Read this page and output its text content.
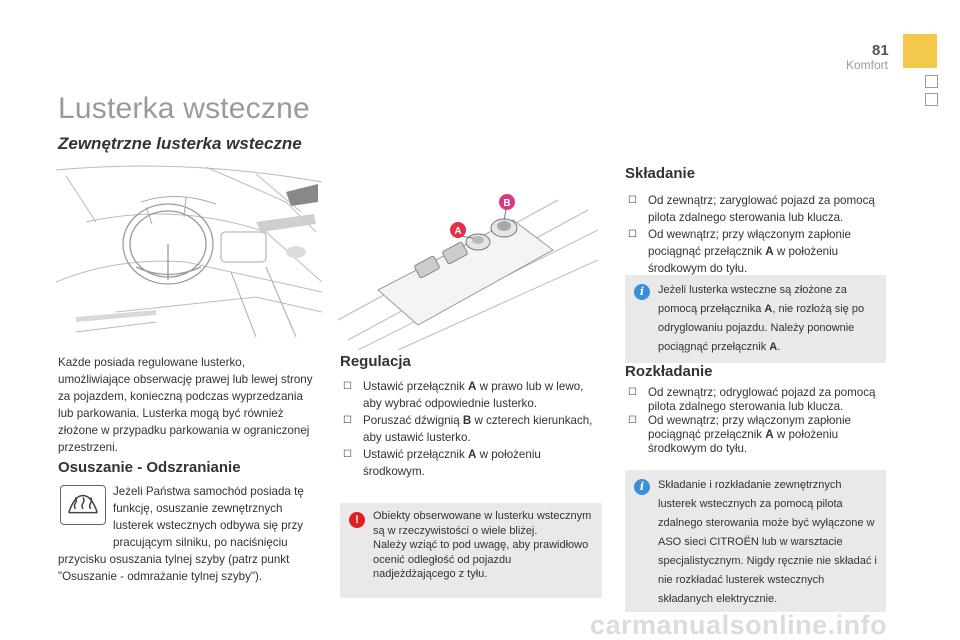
81
Komfort
Lusterka wsteczne
Zewnętrzne lusterka wsteczne
A
B

Każde posiada regulowane lusterko, umożliwiające obserwację prawej lub lewej strony za pojazdem, konieczną podczas wyprzedzania lub parkowania. Lusterka mogą być również złożone w przypadku parkowania w ograniczonej przestrzeni.

Osuszanie - Odszranianie

Jeżeli Państwa samochód posiada tę funkcję, osuszanie zewnętrznych lusterek wstecznych odbywa się przy pracującym silniku, po naciśnięciu
przycisku osuszania tylnej szyby (patrz punkt "Osuszanie - odmrażanie tylnej szyby").

Regulacja
☐ Ustawić przełącznik A w prawo lub w lewo, aby wybrać odpowiednie lusterko.
☐ Poruszać dźwignią B w czterech kierunkach, aby ustawić lusterko.
☐ Ustawić przełącznik A w położeniu środkowym.
!	Obiekty obserwowane w lusterku wstecznym są w rzeczywistości o wiele bliżej.
Należy wziąć to pod uwagę, aby prawidłowo ocenić odległość od pojazdu nadjeżdżającego z tyłu.
Składanie
☐ Od zewnątrz; zaryglować pojazd za pomocą pilota zdalnego sterowania lub klucza.
☐ Od wewnątrz; przy włączonym zapłonie pociągnąć przełącznik A w położeniu środkowym do tyłu.
i	Jeżeli lusterka wsteczne są złożone za pomocą przełącznika A, nie rozłożą się po odryglowaniu pojazdu. Należy ponownie pociągnąć przełącznik A.
Rozkładanie
☐ Od zewnątrz; odryglować pojazd za pomocą pilota zdalnego sterowania lub klucza.
☐ Od wewnątrz; przy włączonym zapłonie pociągnąć przełącznik A w położeniu środkowym do tyłu.
i	Składanie i rozkładanie zewnętrznych lusterek wstecznych za pomocą pilota zdalnego sterowania może być wyłączone w ASO sieci CITROËN lub w warsztacie specjalistycznym. Nigdy ręcznie nie składać i nie rozkładać lusterek wstecznych składanych elektrycznie.
carmanualsonline.info
